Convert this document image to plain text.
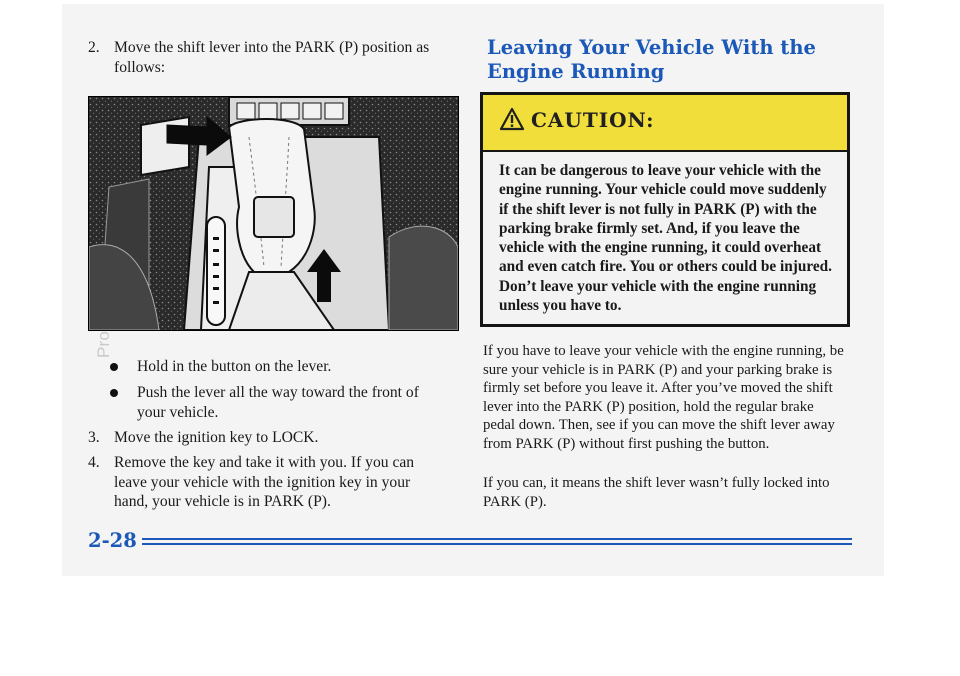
2. Move the shift lever into the PARK (P) position as follows:
Hold in the button on the lever.
Push the lever all the way toward the front of your vehicle.
3. Move the ignition key to LOCK.
4. Remove the key and take it with you. If you can leave your vehicle with the ignition key in your hand, your vehicle is in PARK (P).
Leaving Your Vehicle With the Engine Running
CAUTION:
It can be dangerous to leave your vehicle with the engine running. Your vehicle could move suddenly if the shift lever is not fully in PARK (P) with the parking brake firmly set. And, if you leave the vehicle with the engine running, it could overheat and even catch fire. You or others could be injured. Don’t leave your vehicle with the engine running unless you have to.
If you have to leave your vehicle with the engine running, be sure your vehicle is in PARK (P) and your parking brake is firmly set before you leave it. After you’ve moved the shift lever into the PARK (P) position, hold the regular brake pedal down. Then, see if you can move the shift lever away from PARK (P) without first pushing the button.
If you can, it means the shift lever wasn’t fully locked into PARK (P).
2-28
